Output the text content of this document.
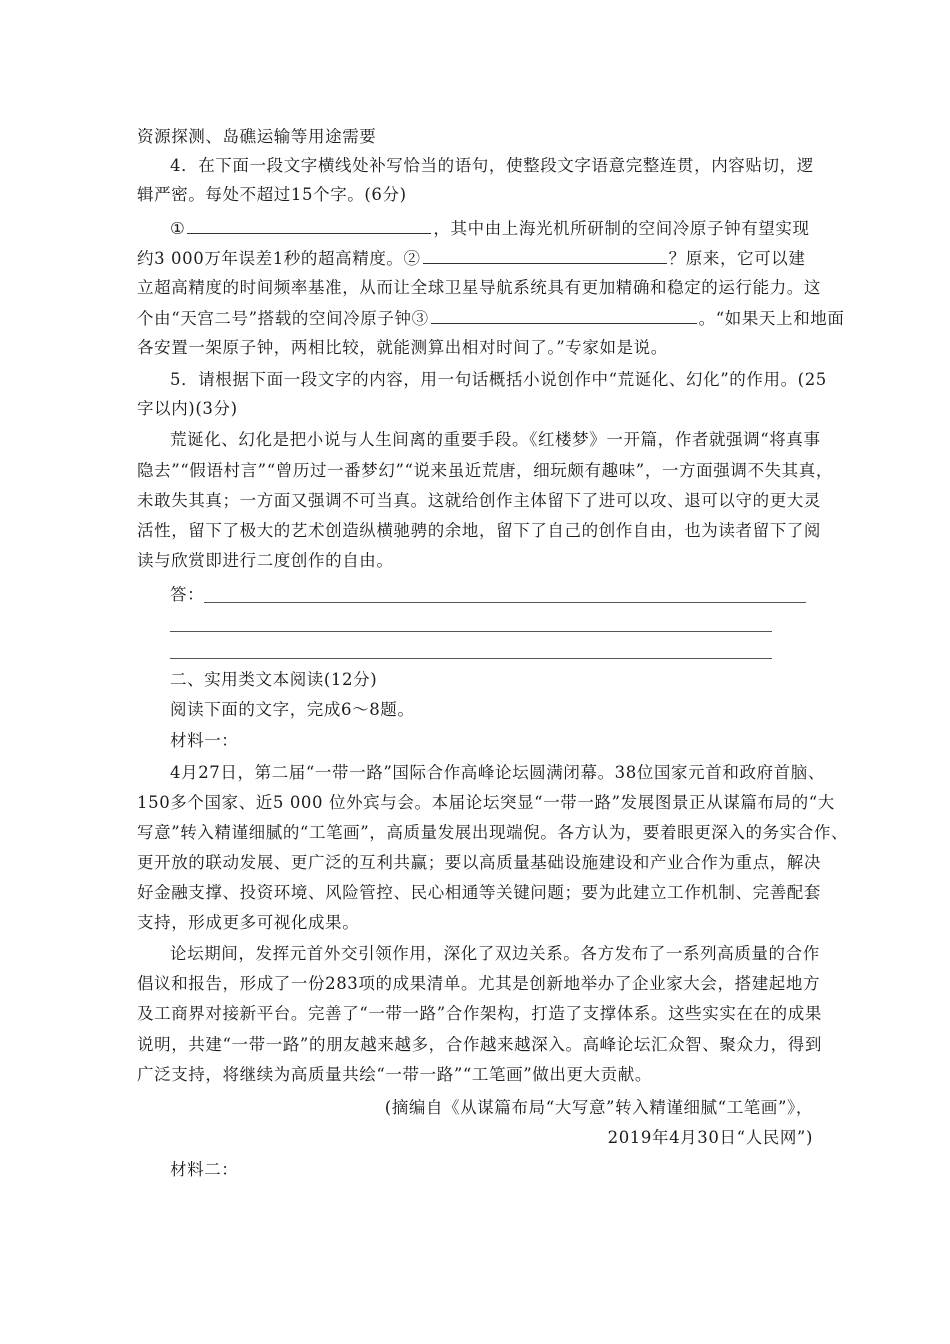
资源探测、岛礁运输等用途需要
4．在下面一段文字横线处补写恰当的语句，使整段文字语意完整连贯，内容贴切，逻
辑严密。每处不超过15个字。(6分)
①	，其中由上海光机所研制的空间冷原子钟有望实现
约3 000万年误差1秒的超高精度。②	？原来，它可以建
立超高精度的时间频率基准，从而让全球卫星导航系统具有更加精确和稳定的运行能力。这
个由“天宫二号”搭载的空间冷原子钟③	。“如果天上和地面
各安置一架原子钟，两相比较，就能测算出相对时间了。”专家如是说。
5．请根据下面一段文字的内容，用一句话概括小说创作中“荒诞化、幻化”的作用。(25
字以内)(3分)
荒诞化、幻化是把小说与人生间离的重要手段。《红楼梦》一开篇，作者就强调“将真事
隐去”“假语村言”“曾历过一番梦幻”“说来虽近荒唐，细玩颇有趣味”，一方面强调不失其真，
未敢失其真；一方面又强调不可当真。这就给创作主体留下了进可以攻、退可以守的更大灵
活性，留下了极大的艺术创造纵横驰骋的余地，留下了自己的创作自由，也为读者留下了阅
读与欣赏即进行二度创作的自由。
答：
二、实用类文本阅读(12分)
阅读下面的文字，完成6～8题。
材料一：
4月27日，第二届“一带一路”国际合作高峰论坛圆满闭幕。38位国家元首和政府首脑、
150多个国家、近5 000 位外宾与会。本届论坛突显“一带一路”发展图景正从谋篇布局的“大
写意”转入精谨细腻的“工笔画”，高质量发展出现端倪。各方认为，要着眼更深入的务实合作、
更开放的联动发展、更广泛的互利共赢；要以高质量基础设施建设和产业合作为重点，解决
好金融支撑、投资环境、风险管控、民心相通等关键问题；要为此建立工作机制、完善配套
支持，形成更多可视化成果。
论坛期间，发挥元首外交引领作用，深化了双边关系。各方发布了一系列高质量的合作
倡议和报告，形成了一份283项的成果清单。尤其是创新地举办了企业家大会，搭建起地方
及工商界对接新平台。完善了“一带一路”合作架构，打造了支撑体系。这些实实在在的成果
说明，共建“一带一路”的朋友越来越多，合作越来越深入。高峰论坛汇众智、聚众力，得到
广泛支持，将继续为高质量共绘“一带一路”“工笔画”做出更大贡献。
(摘编自《从谋篇布局“大写意”转入精谨细腻“工笔画”》，
2019年4月30日“人民网”)
材料二：
